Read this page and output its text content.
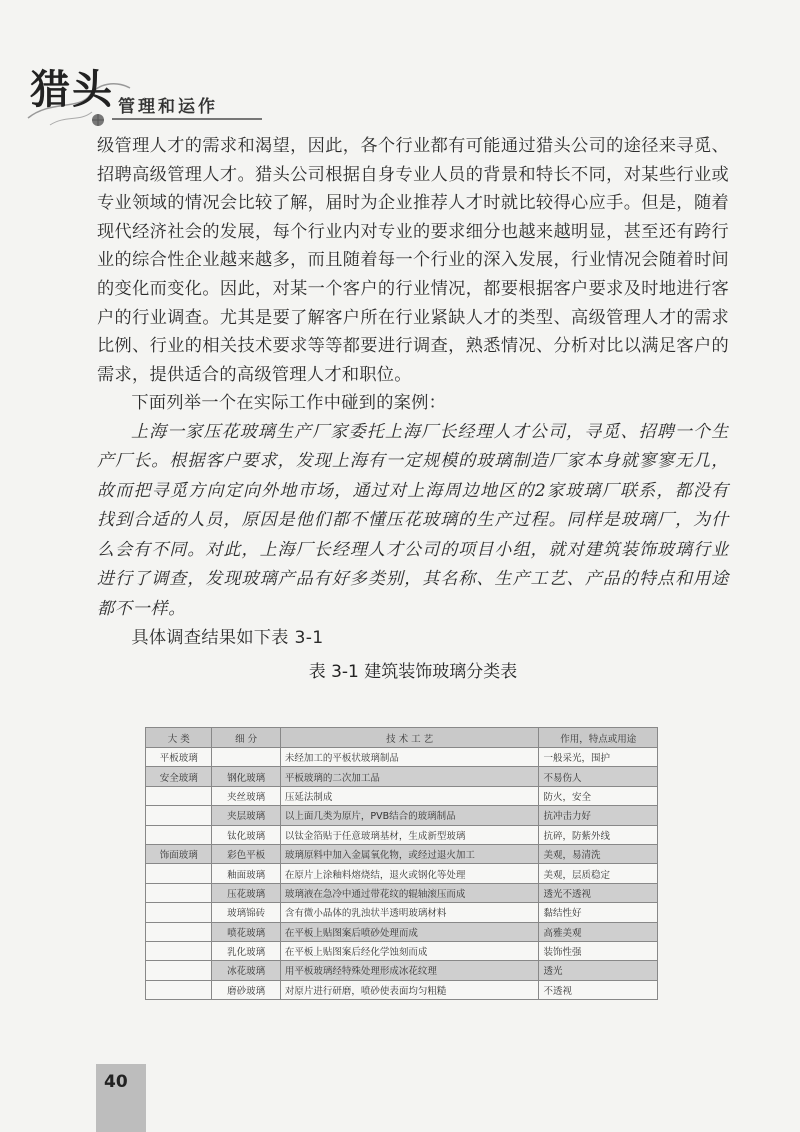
猎头 管理和运作

级管理人才的需求和渴望，因此，各个行业都有可能通过猎头公司的途径来寻觅、招聘高级管理人才。猎头公司根据自身专业人员的背景和特长不同，对某些行业或专业领域的情况会比较了解，届时为企业推荐人才时就比较得心应手。但是，随着现代经济社会的发展，每个行业内对专业的要求细分也越来越明显，甚至还有跨行业的综合性企业越来越多，而且随着每一个行业的深入发展，行业情况会随着时间的变化而变化。因此，对某一个客户的行业情况，都要根据客户要求及时地进行客户的行业调查。尤其是要了解客户所在行业紧缺人才的类型、高级管理人才的需求比例、行业的相关技术要求等等都要进行调查，熟悉情况、分析对比以满足客户的需求，提供适合的高级管理人才和职位。

下面列举一个在实际工作中碰到的案例：

上海一家压花玻璃生产厂家委托上海厂长经理人才公司，寻觅、招聘一个生产厂长。根据客户要求，发现上海有一定规模的玻璃制造厂家本身就寥寥无几，故而把寻觅方向定向外地市场，通过对上海周边地区的2家玻璃厂联系，都没有找到合适的人员，原因是他们都不懂压花玻璃的生产过程。同样是玻璃厂，为什么会有不同。对此，上海厂长经理人才公司的项目小组，就对建筑装饰玻璃行业进行了调查，发现玻璃产品有好多类别，其名称、生产工艺、产品的特点和用途都不一样。

具体调查结果如下表 3-1

表 3-1 建筑装饰玻璃分类表
大 类	细 分	技 术 工 艺	作用，特点或用途
平板玻璃		未经加工的平板状玻璃制品	一般采光，围护
安全玻璃	钢化玻璃	平板玻璃的二次加工品	不易伤人
	夹丝玻璃	压延法制成	防火，安全
	夹层玻璃	以上面几类为原片，PVB结合的玻璃制品	抗冲击力好
	钛化玻璃	以钛金箔贴于任意玻璃基材，生成新型玻璃	抗碎，防紫外线
饰面玻璃	彩色平板	玻璃原料中加入金属氧化物，或经过退火加工	美观，易清洗
	釉面玻璃	在原片上涂釉料熔烧结，退火或钢化等处理	美观，层质稳定
	压花玻璃	玻璃液在急冷中通过带花纹的辊轴滚压而成	透光不透视
	玻璃锦砖	含有微小晶体的乳浊状半透明玻璃材料	黏结性好
	喷花玻璃	在平板上贴图案后喷砂处理而成	高雅美观
	乳化玻璃	在平板上贴图案后经化学蚀刻而成	装饰性强
	冰花玻璃	用平板玻璃经特殊处理形成冰花纹理	透光
	磨砂玻璃	对原片进行研磨，喷砂使表面均匀粗糙	不透视
40
